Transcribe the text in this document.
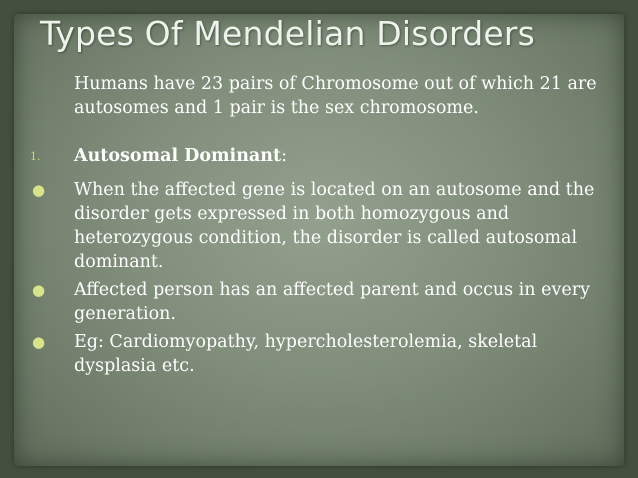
Types Of Mendelian Disorders

Humans have 23 pairs of Chromosome out of which 21 are autosomes and 1 pair is the sex chromosome.

1. Autosomal Dominant:
● When the affected gene is located on an autosome and the disorder gets expressed in both homozygous and heterozygous condition, the disorder is called autosomal dominant.
● Affected person has an affected parent and occus in every generation.
● Eg: Cardiomyopathy, hypercholesterolemia, skeletal dysplasia etc.
